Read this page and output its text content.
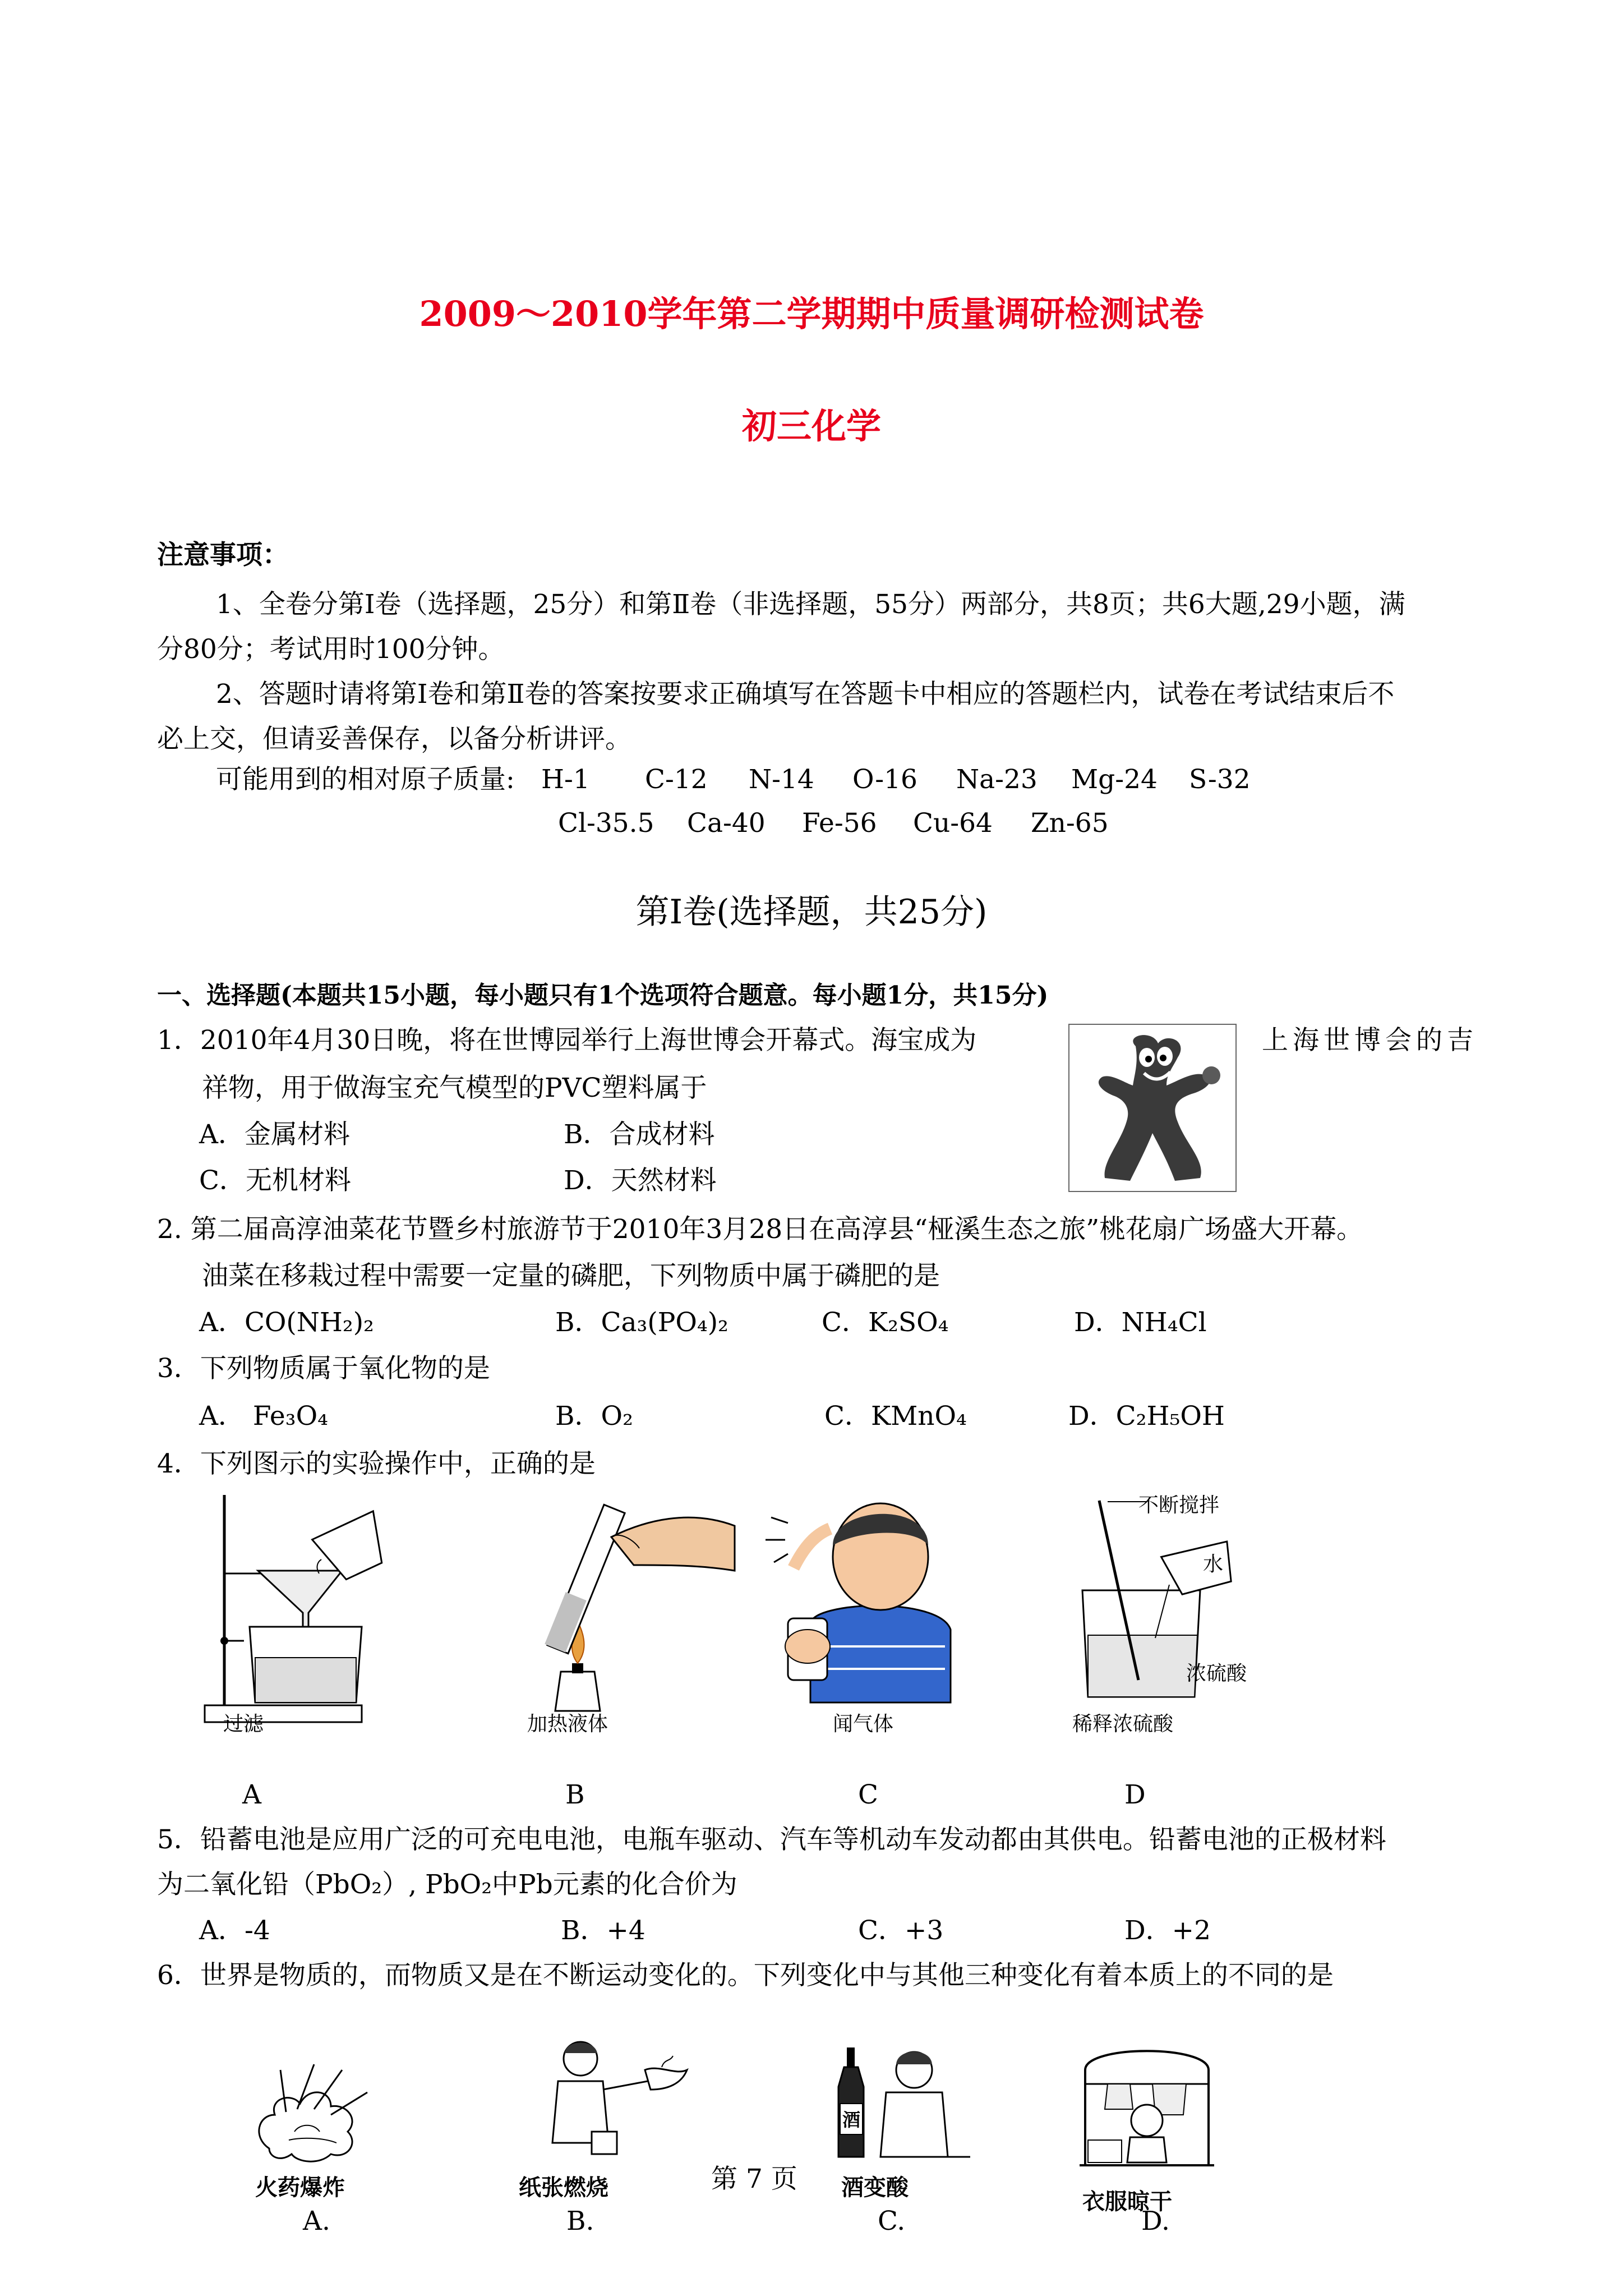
2009～2010学年第二学期期中质量调研检测试卷
初三化学
注意事项：
1、全卷分第Ⅰ卷（选择题，25分）和第Ⅱ卷（非选择题，55分）两部分，共8页；共6大题,29小题，满
分80分；考试用时100分钟。
2、答题时请将第Ⅰ卷和第Ⅱ卷的答案按要求正确填写在答题卡中相应的答题栏内，试卷在考试结束后不
必上交，但请妥善保存，以备分析讲评。
可能用到的相对原子质量: H-1 C-12 N-14 O-16 Na-23 Mg-24 S-32
Cl-35.5 Ca-40 Fe-56 Cu-64 Zn-65
第Ⅰ卷(选择题，共25分)
一、选择题(本题共15小题，每小题只有1个选项符合题意。每小题1分，共15分)
1．2010年4月30日晚，将在世博园举行上海世博会开幕式。海宝成为	上海世博会的吉
祥物，用于做海宝充气模型的PVC塑料属于
A．金属材料	B．合成材料
C．无机材料	D．天然材料
2. 第二届高淳油菜花节暨乡村旅游节于2010年3月28日在高淳县“桠溪生态之旅”桃花扇广场盛大开幕。
油菜在移栽过程中需要一定量的磷肥，下列物质中属于磷肥的是
A．CO(NH₂)₂	B．Ca₃(PO₄)₂	C．K₂SO₄	D．NH₄Cl
3．下列物质属于氧化物的是
A． Fe₃O₄	B．O₂	C．KMnO₄	D．C₂H₅OH
4．下列图示的实验操作中，正确的是
过滤	加热液体	闻气体
不断搅拌
水
浓硫酸
稀释浓硫酸
A	B	C	D
5．铅蓄电池是应用广泛的可充电电池，电瓶车驱动、汽车等机动车发动都由其供电。铅蓄电池的正极材料
为二氧化铅（PbO₂）, PbO₂中Pb元素的化合价为
A．-4	B．+4	C．+3	D．+2
6．世界是物质的，而物质又是在不断运动变化的。下列变化中与其他三种变化有着本质上的不同的是
火药爆炸	纸张燃烧
酒
酒变酸
衣服晾干
A.	B.	C.	D.
第 7 页
